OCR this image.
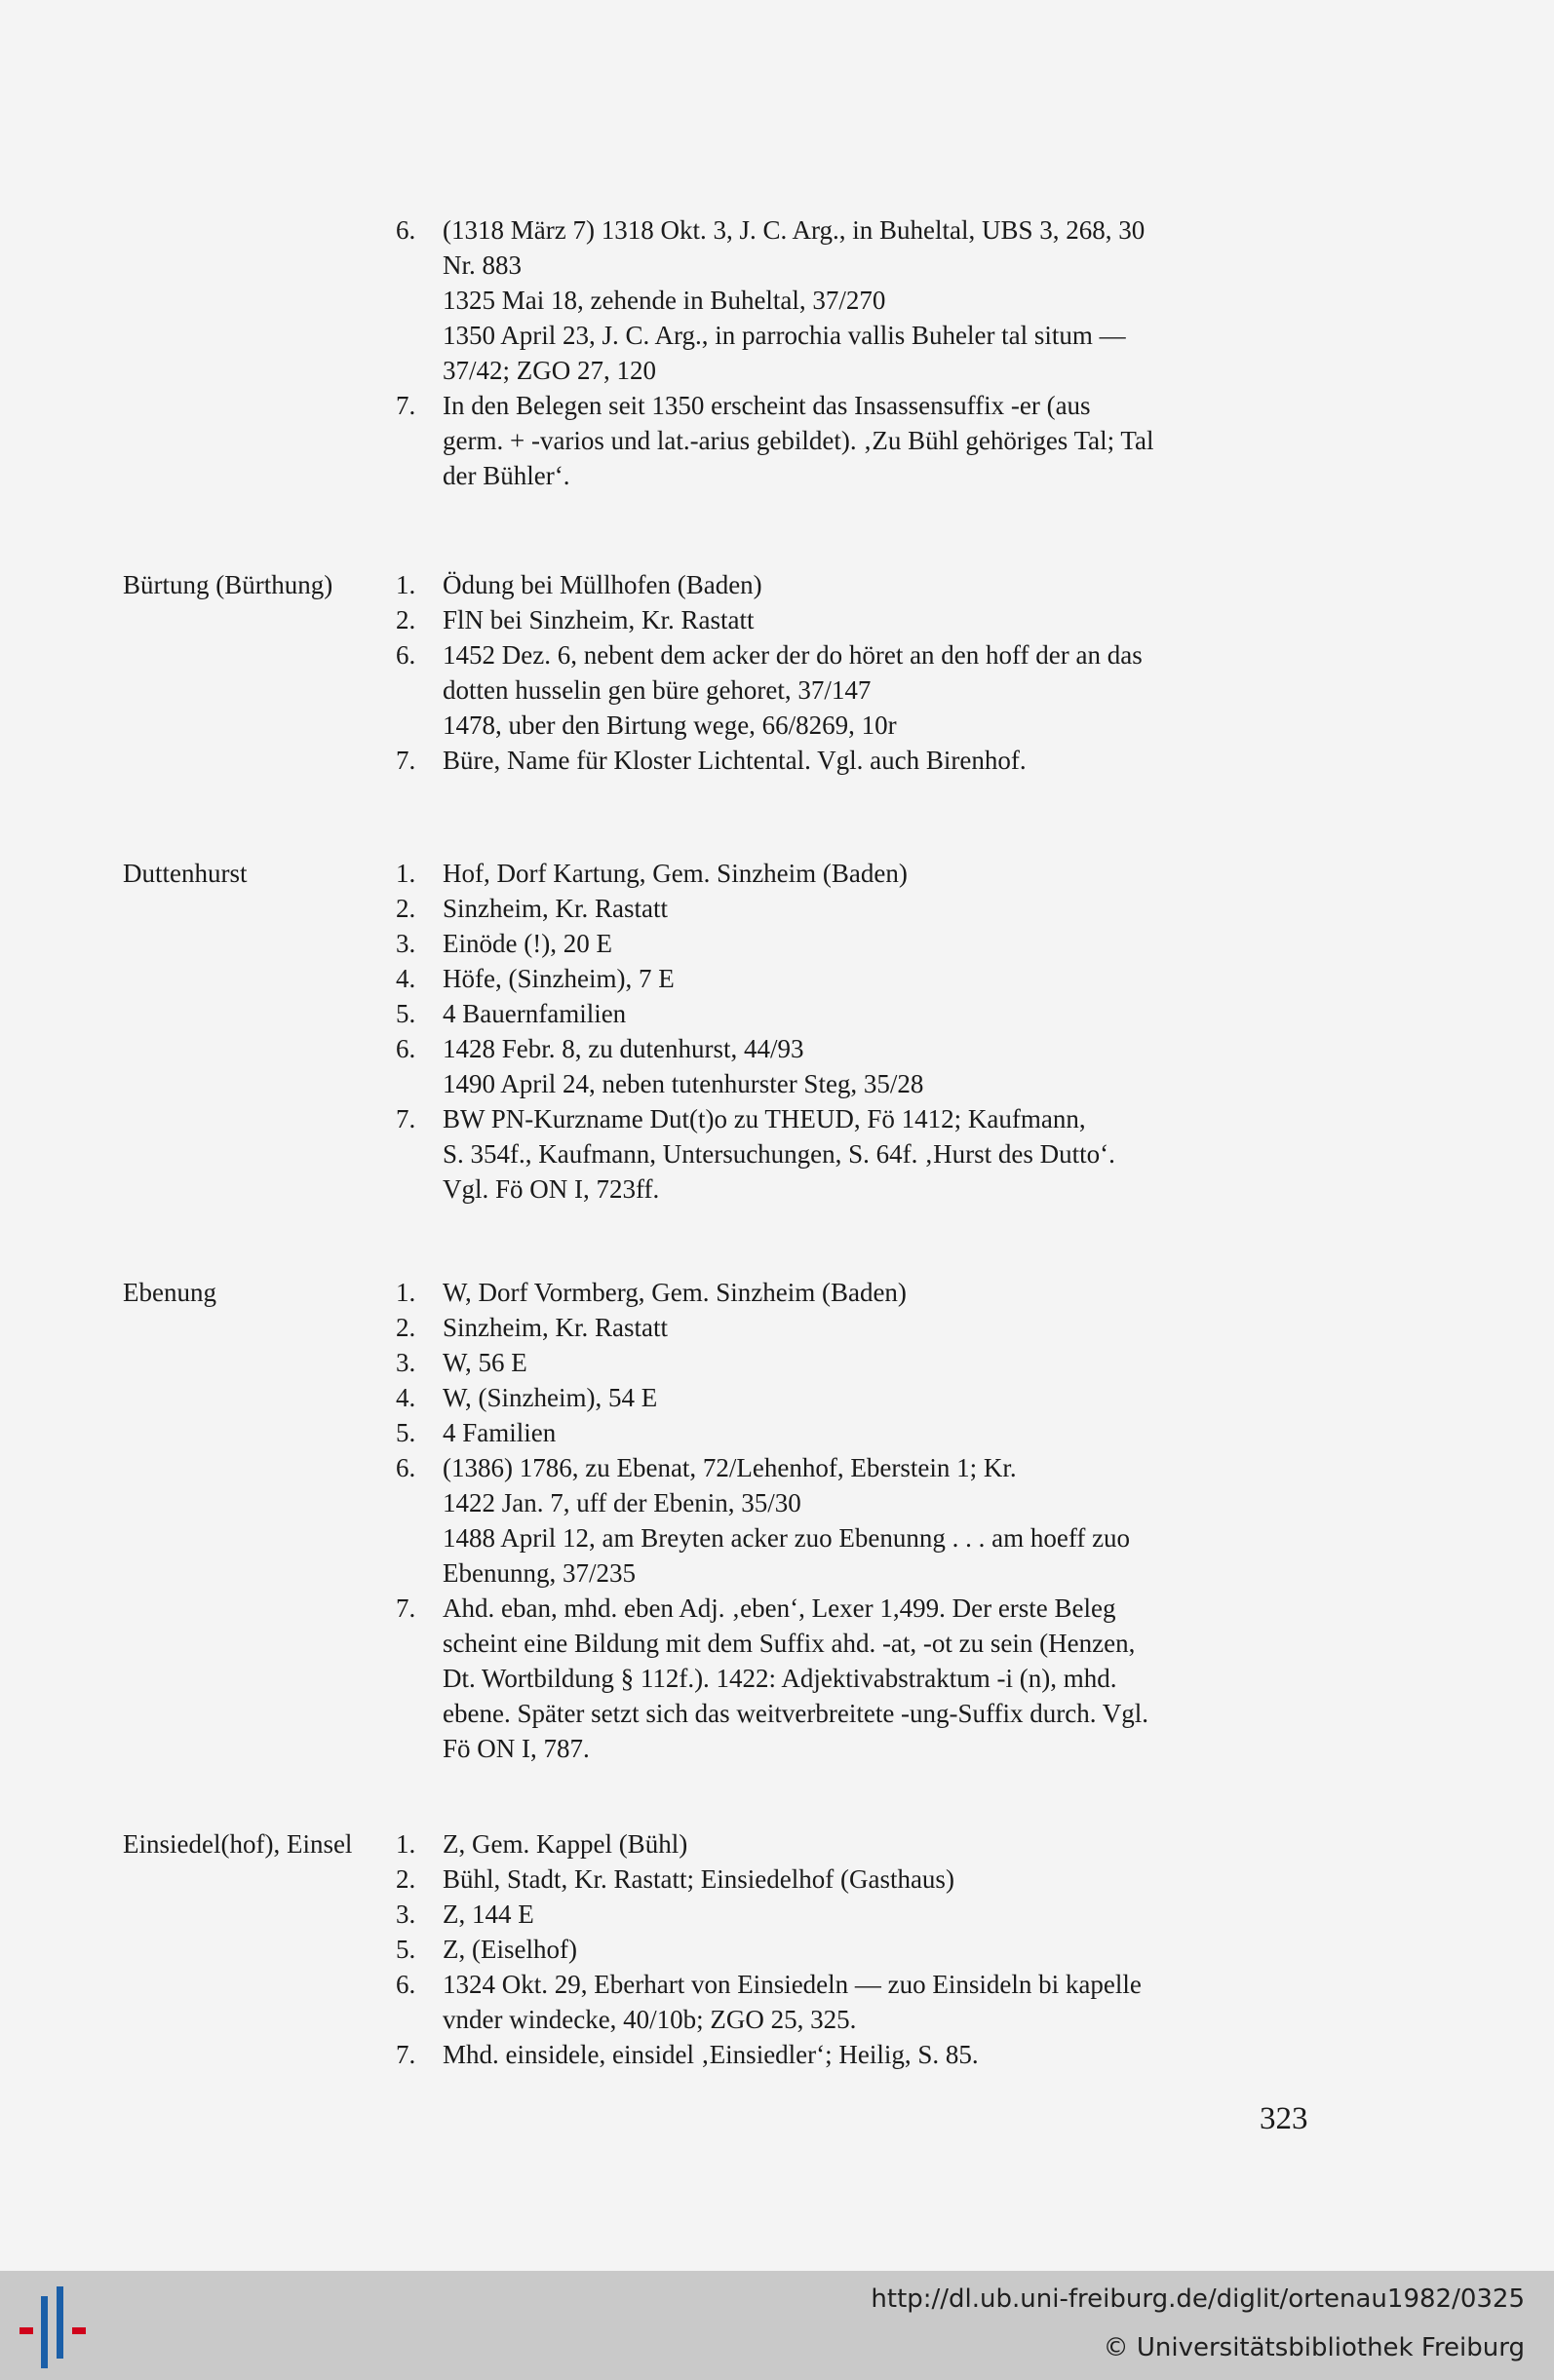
6.	(1318 März 7) 1318 Okt. 3, J. C. Arg., in Buheltal, UBS 3, 268, 30
Nr. 883
1325 Mai 18, zehende in Buheltal, 37/270
1350 April 23, J. C. Arg., in parrochia vallis Buheler tal situm —
37/42; ZGO 27, 120
7.	In den Belegen seit 1350 erscheint das Insassensuffix -er (aus
germ. + -varios und lat.-arius gebildet). ‚Zu Bühl gehöriges Tal; Tal
der Bühler‘.
Bürtung (Bürthung) 1.	Ödung bei Müllhofen (Baden)
2.	FlN bei Sinzheim, Kr. Rastatt
6.	1452 Dez. 6, nebent dem acker der do höret an den hoff der an das
dotten husselin gen büre gehoret, 37/147
1478, uber den Birtung wege, 66/8269, 10r
7.	Büre, Name für Kloster Lichtental. Vgl. auch Birenhof.
Duttenhurst	1.	Hof, Dorf Kartung, Gem. Sinzheim (Baden)
2.	Sinzheim, Kr. Rastatt
3.	Einöde (!), 20 E
4.	Höfe, (Sinzheim), 7 E
5.	4 Bauernfamilien
6.	1428 Febr. 8, zu dutenhurst, 44/93
1490 April 24, neben tutenhurster Steg, 35/28
7.	BW PN-Kurzname Dut(t)o zu THEUD, Fö 1412; Kaufmann,
S. 354f., Kaufmann, Untersuchungen, S. 64f. ‚Hurst des Dutto‘.
Vgl. Fö ON I, 723ff.
Ebenung	1.	W, Dorf Vormberg, Gem. Sinzheim (Baden)
2.	Sinzheim, Kr. Rastatt
3.	W, 56 E
4.	W, (Sinzheim), 54 E
5.	4 Familien
6.	(1386) 1786, zu Ebenat, 72/Lehenhof, Eberstein 1; Kr.
1422 Jan. 7, uff der Ebenin, 35/30
1488 April 12, am Breyten acker zuo Ebenunng . . . am hoeff zuo
Ebenunng, 37/235
7.	Ahd. eban, mhd. eben Adj. ‚eben‘, Lexer 1,499. Der erste Beleg
scheint eine Bildung mit dem Suffix ahd. -at, -ot zu sein (Henzen,
Dt. Wortbildung § 112f.). 1422: Adjektivabstraktum -i (n), mhd.
ebene. Später setzt sich das weitverbreitete -ung-Suffix durch. Vgl.
Fö ON I, 787.
Einsiedel(hof), Einsel 1.	Z, Gem. Kappel (Bühl)
2.	Bühl, Stadt, Kr. Rastatt; Einsiedelhof (Gasthaus)
3.	Z, 144 E
5.	Z, (Eiselhof)
6.	1324 Okt. 29, Eberhart von Einsiedeln — zuo Einsideln bi kapelle
vnder windecke, 40/10b; ZGO 25, 325.
7.	Mhd. einsidele, einsidel ‚Einsiedler‘; Heilig, S. 85.
323
http://dl.ub.uni-freiburg.de/diglit/ortenau1982/0325
© Universitätsbibliothek Freiburg
